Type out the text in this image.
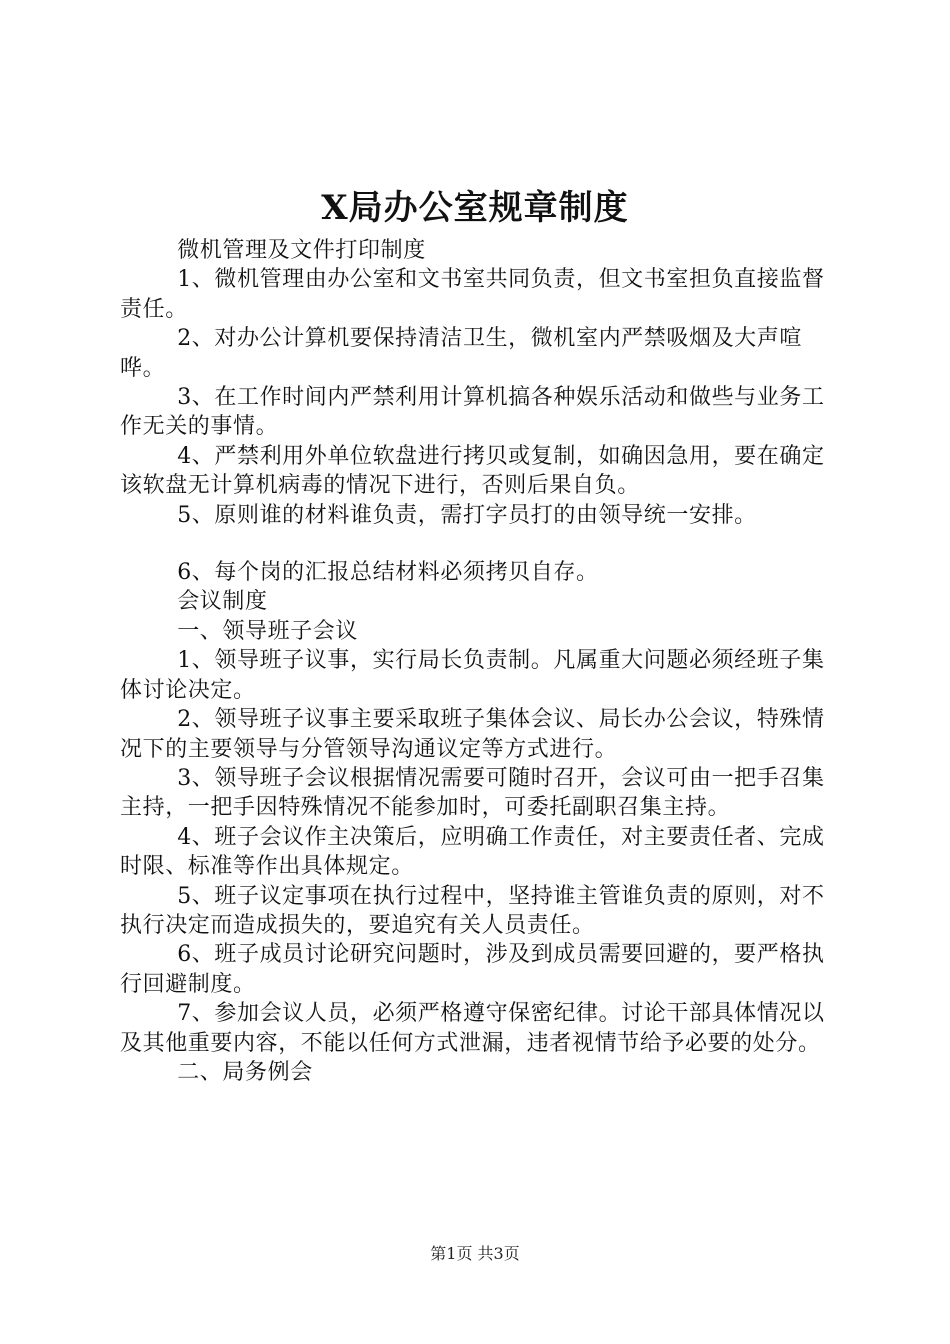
X局办公室规章制度

微机管理及文件打印制度

1、微机管理由办公室和文书室共同负责，但文书室担负直接监督责任。

2、对办公计算机要保持清洁卫生，微机室内严禁吸烟及大声喧哗。

3、在工作时间内严禁利用计算机搞各种娱乐活动和做些与业务工作无关的事情。

4、严禁利用外单位软盘进行拷贝或复制，如确因急用，要在确定该软盘无计算机病毒的情况下进行，否则后果自负。

5、原则谁的材料谁负责，需打字员打的由领导统一安排。

6、每个岗的汇报总结材料必须拷贝自存。

会议制度

一、领导班子会议

1、领导班子议事，实行局长负责制。凡属重大问题必须经班子集体讨论决定。

2、领导班子议事主要采取班子集体会议、局长办公会议，特殊情况下的主要领导与分管领导沟通议定等方式进行。

3、领导班子会议根据情况需要可随时召开，会议可由一把手召集主持，一把手因特殊情况不能参加时，可委托副职召集主持。

4、班子会议作主决策后，应明确工作责任，对主要责任者、完成时限、标准等作出具体规定。

5、班子议定事项在执行过程中，坚持谁主管谁负责的原则，对不执行决定而造成损失的，要追究有关人员责任。

6、班子成员讨论研究问题时，涉及到成员需要回避的，要严格执行回避制度。

7、参加会议人员，必须严格遵守保密纪律。讨论干部具体情况以及其他重要内容，不能以任何方式泄漏，违者视情节给予必要的处分。

二、局务例会

第1页 共3页
